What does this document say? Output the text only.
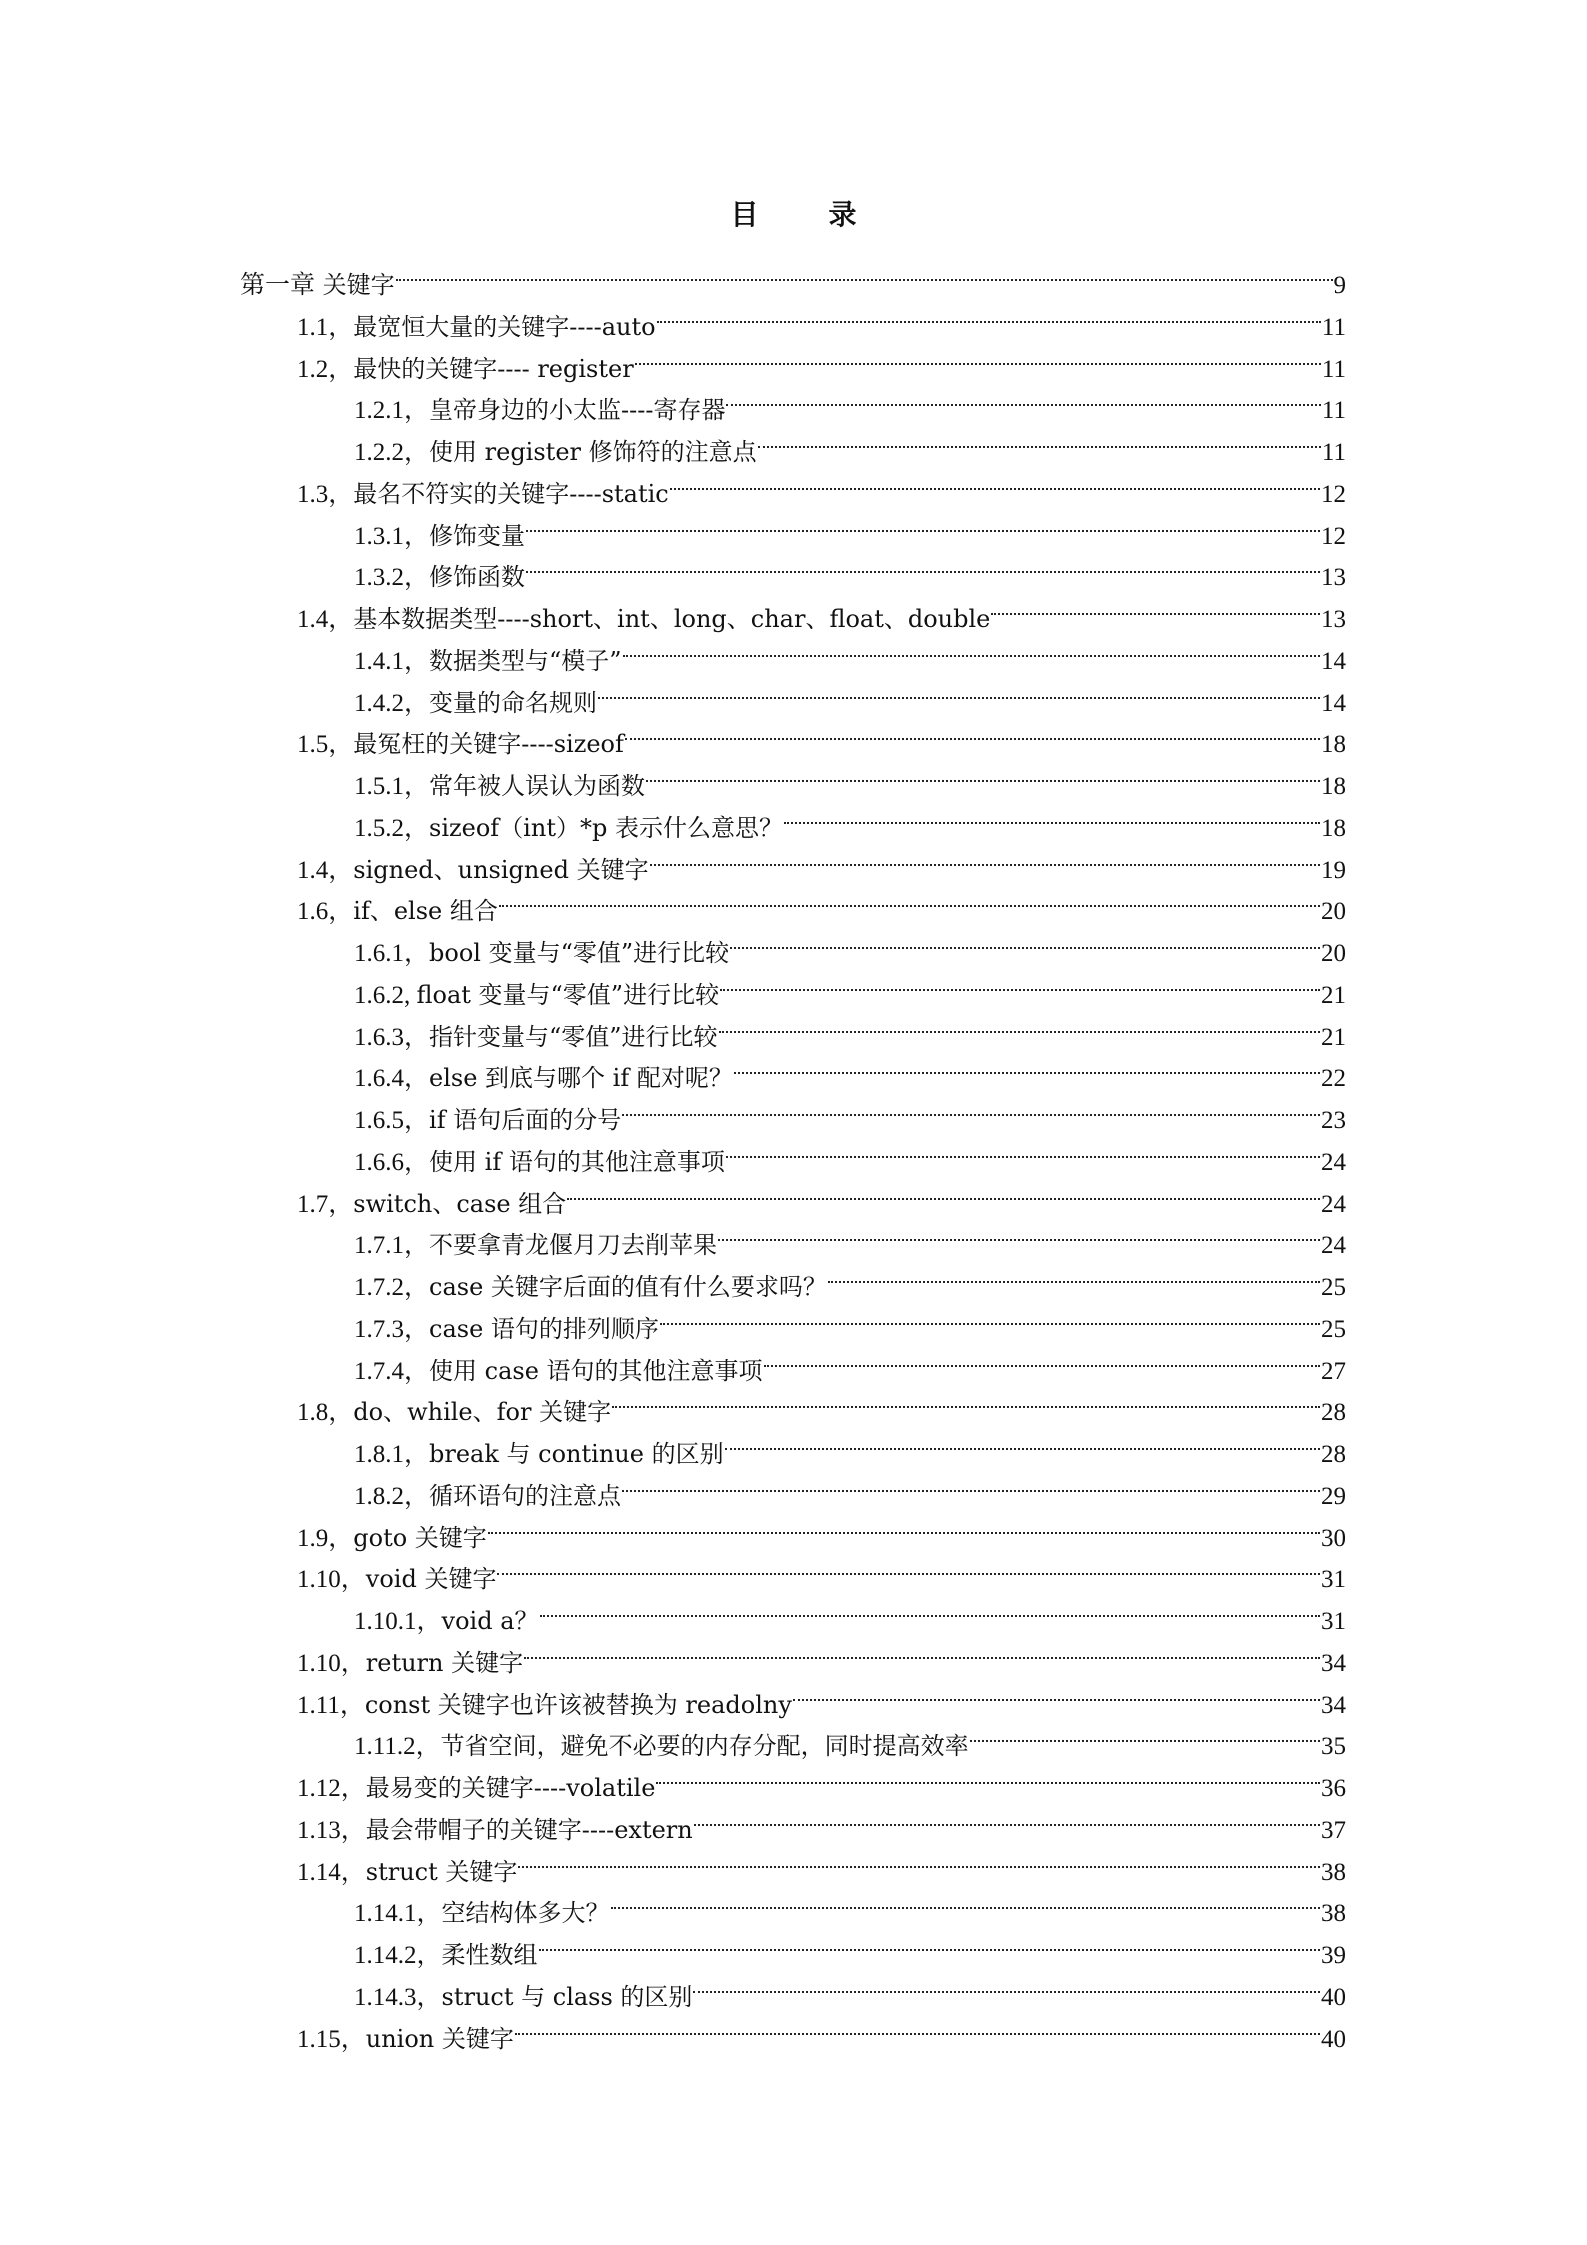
目	录
第一章 关键字	9
1.1，最宽恒大量的关键字----auto	11
1.2，最快的关键字---- register	11
1.2.1，皇帝身边的小太监----寄存器	11
1.2.2，使用 register 修饰符的注意点	11
1.3，最名不符实的关键字----static	12
1.3.1，修饰变量	12
1.3.2，修饰函数	13
1.4，基本数据类型----short、int、long、char、float、double	13
1.4.1，数据类型与“模子”	14
1.4.2，变量的命名规则	14
1.5，最冤枉的关键字----sizeof	18
1.5.1，常年被人误认为函数	18
1.5.2，sizeof（int）*p 表示什么意思？	18
1.4，signed、unsigned 关键字	19
1.6，if、else 组合	20
1.6.1，bool 变量与“零值”进行比较	20
1.6.2, float 变量与“零值”进行比较	21
1.6.3，指针变量与“零值”进行比较	21
1.6.4，else 到底与哪个 if 配对呢？	22
1.6.5，if 语句后面的分号	23
1.6.6，使用 if 语句的其他注意事项	24
1.7，switch、case 组合	24
1.7.1，不要拿青龙偃月刀去削苹果	24
1.7.2，case 关键字后面的值有什么要求吗？	25
1.7.3，case 语句的排列顺序	25
1.7.4，使用 case 语句的其他注意事项	27
1.8，do、while、for 关键字	28
1.8.1，break 与 continue 的区别	28
1.8.2，循环语句的注意点	29
1.9，goto 关键字	30
1.10，void 关键字	31
1.10.1，void a？	31
1.10，return 关键字	34
1.11，const 关键字也许该被替换为 readolny	34
1.11.2，节省空间，避免不必要的内存分配，同时提高效率	35
1.12，最易变的关键字----volatile	36
1.13，最会带帽子的关键字----extern	37
1.14，struct 关键字	38
1.14.1，空结构体多大？	38
1.14.2，柔性数组	39
1.14.3，struct 与 class 的区别	40
1.15，union 关键字	40
